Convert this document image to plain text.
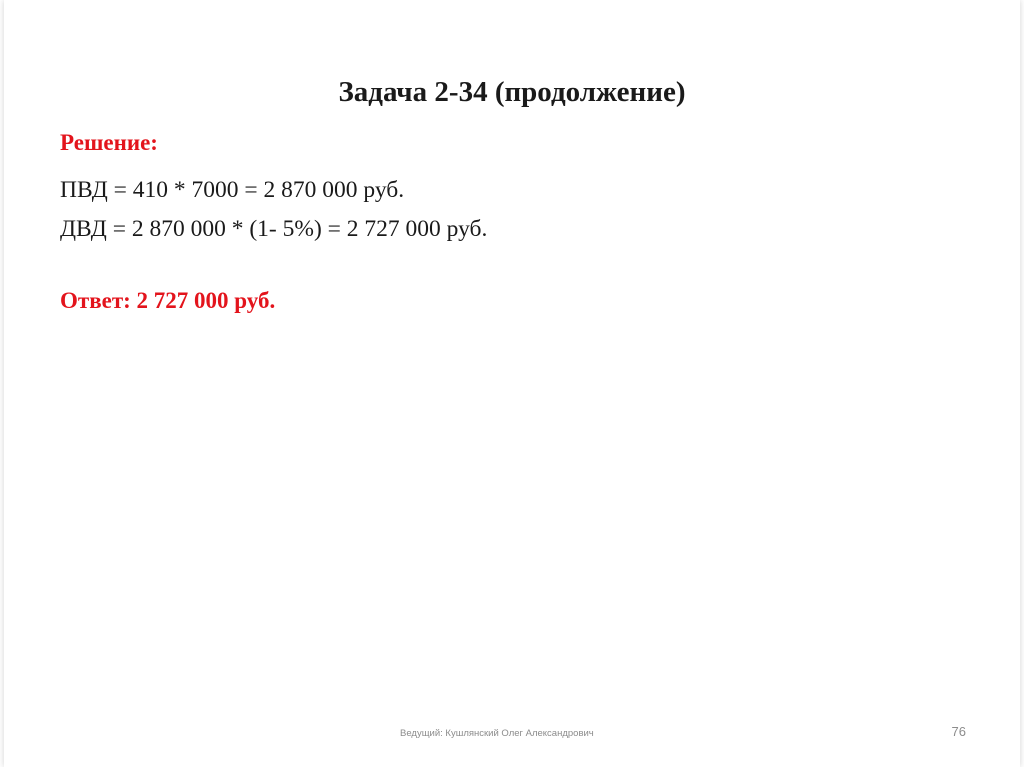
Задача 2-34 (продолжение)

Решение:

ПВД = 410 * 7000 = 2 870 000 руб.

ДВД = 2 870 000 * (1- 5%) = 2 727 000 руб.

Ответ: 2 727 000 руб.

Ведущий: Кушлянский Олег Александрович	76
